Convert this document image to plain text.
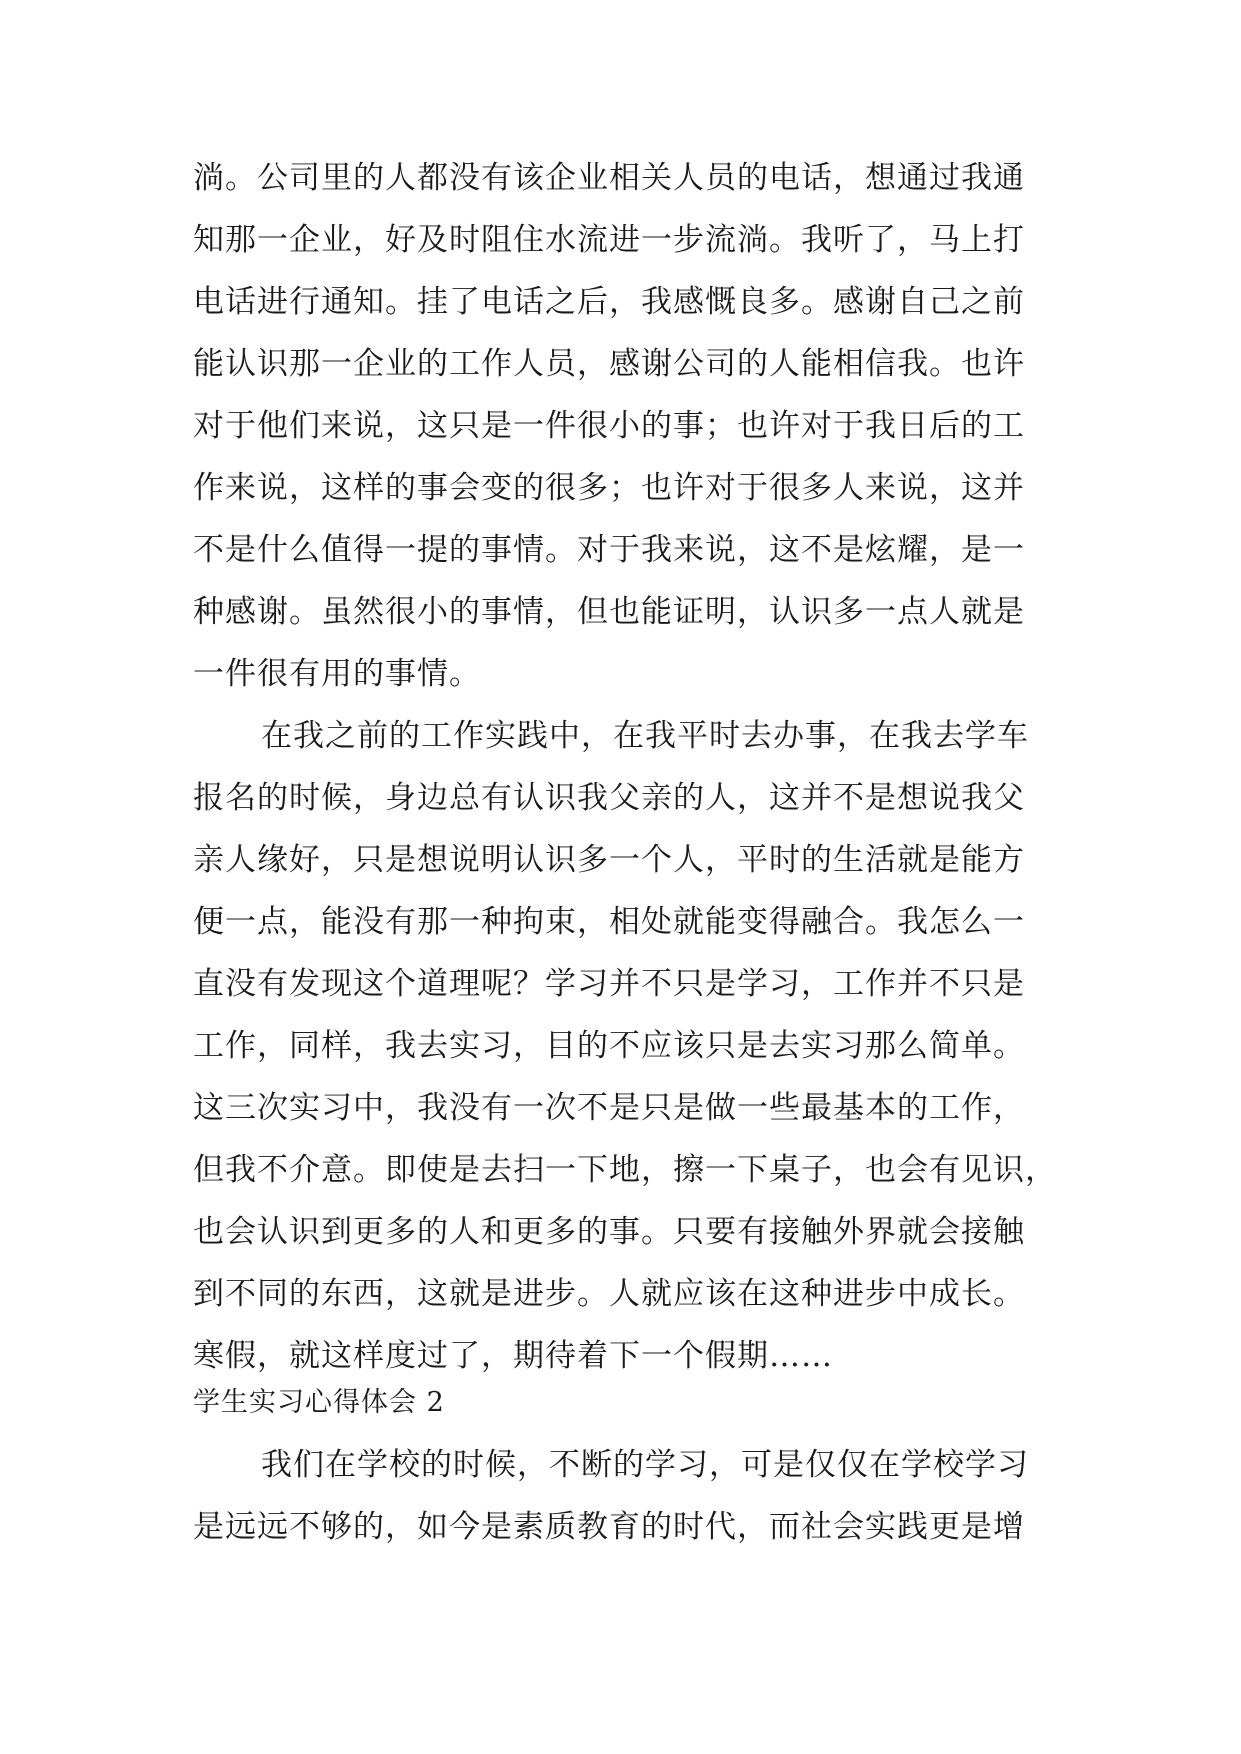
淌。公司里的人都没有该企业相关人员的电话，想通过我通
知那一企业，好及时阻住水流进一步流淌。我听了，马上打
电话进行通知。挂了电话之后，我感慨良多。感谢自己之前
能认识那一企业的工作人员，感谢公司的人能相信我。也许
对于他们来说，这只是一件很小的事；也许对于我日后的工
作来说，这样的事会变的很多；也许对于很多人来说，这并
不是什么值得一提的事情。对于我来说，这不是炫耀，是一
种感谢。虽然很小的事情，但也能证明，认识多一点人就是
一件很有用的事情。
在我之前的工作实践中，在我平时去办事，在我去学车
报名的时候，身边总有认识我父亲的人，这并不是想说我父
亲人缘好，只是想说明认识多一个人，平时的生活就是能方
便一点，能没有那一种拘束，相处就能变得融合。我怎么一
直没有发现这个道理呢？学习并不只是学习，工作并不只是
工作，同样，我去实习，目的不应该只是去实习那么简单。
这三次实习中，我没有一次不是只是做一些最基本的工作，
但我不介意。即使是去扫一下地，擦一下桌子，也会有见识，
也会认识到更多的人和更多的事。只要有接触外界就会接触
到不同的东西，这就是进步。人就应该在这种进步中成长。
寒假，就这样度过了，期待着下一个假期……
学生实习心得体会 2
我们在学校的时候，不断的学习，可是仅仅在学校学习
是远远不够的，如今是素质教育的时代，而社会实践更是增
